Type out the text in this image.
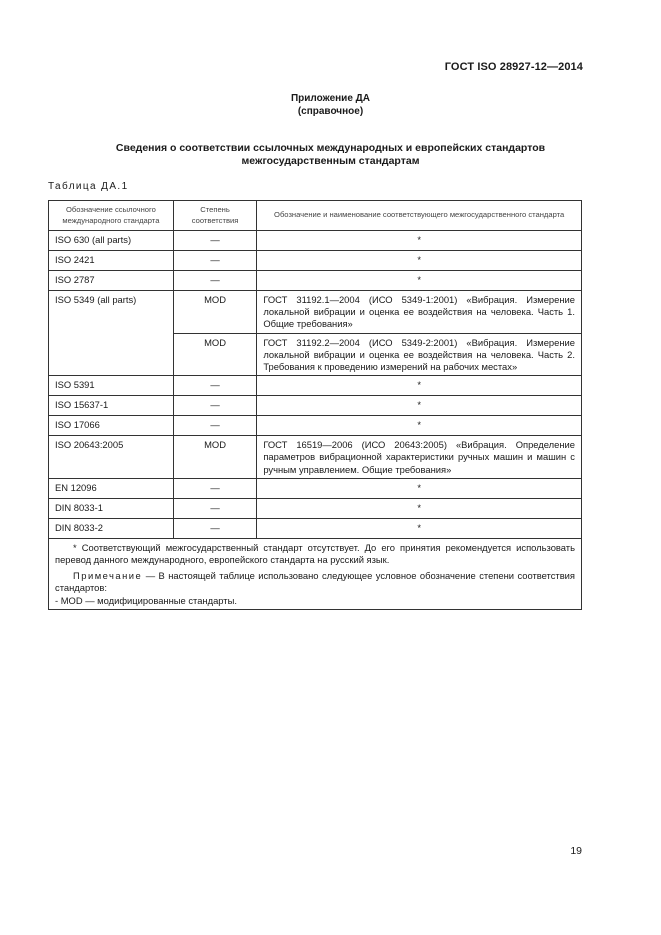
ГОСТ ISO 28927-12—2014
Приложение ДА
(справочное)
Сведения о соответствии ссылочных международных и европейских стандартов
межгосударственным стандартам
Таблица ДА.1
Обозначение ссылочного международного стандарта	Степень соответствия	Обозначение и наименование соответствующего межгосударственного стандарта
ISO 630 (all parts)	—	*
ISO 2421	—	*
ISO 2787	—	*
ISO 5349 (all parts)	MOD	ГОСТ 31192.1—2004 (ИСО 5349-1:2001) «Вибрация. Измерение локальной вибрации и оценка ее воздействия на человека. Часть 1. Общие требования»
	MOD	ГОСТ 31192.2—2004 (ИСО 5349-2:2001) «Вибрация. Измерение локальной вибрации и оценка ее воздействия на человека. Часть 2. Требования к проведению измерений на рабочих местах»
ISO 5391	—	*
ISO 15637-1	—	*
ISO 17066	—	*
ISO 20643:2005	MOD	ГОСТ 16519—2006 (ИСО 20643:2005) «Вибрация. Определение параметров вибрационной характеристики ручных машин и машин с ручным управлением. Общие требования»
EN 12096	—	*
DIN 8033-1	—	*
DIN 8033-2	—	*

* Соответствующий межгосударственный стандарт отсутствует. До его принятия рекомендуется использовать перевод данного международного, европейского стандарта на русский язык.

Примечание — В настоящей таблице использовано следующее условное обозначение степени соответствия стандартов:

- MOD — модифицированные стандарты.		

19
